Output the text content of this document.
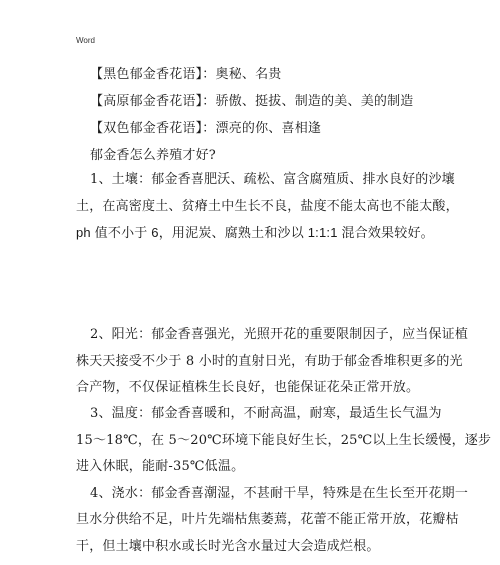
Word
【黑色郁金香花语】：奥秘、名贵
【高原郁金香花语】：骄傲、挺拔、制造的美、美的制造
【双色郁金香花语】：漂亮的你、喜相逢
郁金香怎么养殖才好?
1、土壤：郁金香喜肥沃、疏松、富含腐殖质、排水良好的沙壤
土，在高密度土、贫瘠土中生长不良，盐度不能太高也不能太酸，
ph 值不小于 6，用泥炭、腐熟土和沙以 1:1:1 混合效果较好。
2、阳光：郁金香喜强光，光照开花的重要限制因子，应当保证植
株天天接受不少于 8 小时的直射日光，有助于郁金香堆积更多的光
合产物，不仅保证植株生长良好，也能保证花朵正常开放。
3、温度：郁金香喜暖和，不耐高温，耐寒，最适生长气温为
15～18℃，在 5～20℃环境下能良好生长，25℃以上生长缓慢，逐步
进入休眠，能耐-35℃低温。
4、浇水：郁金香喜潮湿，不甚耐干旱，特殊是在生长至开花期一
旦水分供给不足，叶片先端枯焦萎蔫，花蕾不能正常开放，花瓣枯
干，但土壤中积水或长时光含水量过大会造成烂根。
